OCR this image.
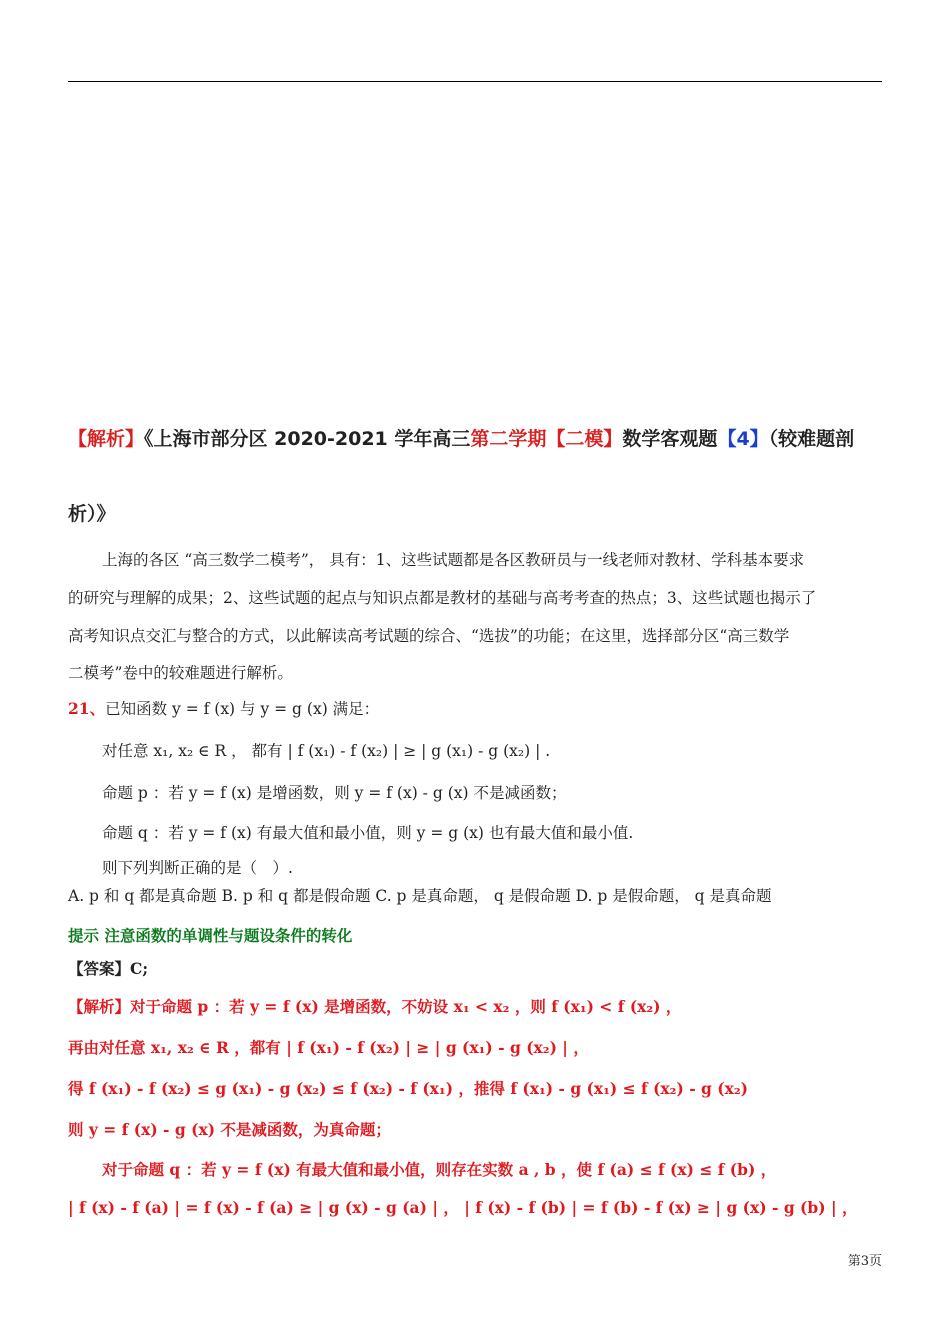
【解析】《上海市部分区 2020-2021 学年高三第二学期【二模】数学客观题【4】（较难题剖
析）》
上海的各区 “高三数学二模考”， 具有：1、这些试题都是各区教研员与一线老师对教材、学科基本要求
的研究与理解的成果；2、这些试题的起点与知识点都是教材的基础与高考考查的热点；3、这些试题也揭示了
高考知识点交汇与整合的方式，以此解读高考试题的综合、“选拔”的功能；在这里，选择部分区“高三数学
二模考”卷中的较难题进行解析。
21、已知函数 y = f (x) 与 y = g (x) 满足：
对任意 x₁, x₂ ∈ R ， 都有 | f (x₁) - f (x₂) | ≥ | g (x₁) - g (x₂) | .
命题 p ：若 y = f (x) 是增函数，则 y = f (x) - g (x) 不是减函数；
命题 q ：若 y = f (x) 有最大值和最小值，则 y = g (x) 也有最大值和最小值.
则下列判断正确的是（　）.
A. p 和 q 都是真命题 B. p 和 q 都是假命题 C. p 是真命题， q 是假命题 D. p 是假命题， q 是真命题
提示 注意函数的单调性与题设条件的转化
【答案】C;
【解析】对于命题 p ：若 y = f (x) 是增函数，不妨设 x₁ < x₂ ，则 f (x₁) < f (x₂) ，
再由对任意 x₁, x₂ ∈ R ，都有 | f (x₁) - f (x₂) | ≥ | g (x₁) - g (x₂) | ，
得 f (x₁) - f (x₂) ≤ g (x₁) - g (x₂) ≤ f (x₂) - f (x₁) ，推得 f (x₁) - g (x₁) ≤ f (x₂) - g (x₂)
则 y = f (x) - g (x) 不是减函数，为真命题；
对于命题 q ：若 y = f (x) 有最大值和最小值，则存在实数 a , b ，使 f (a) ≤ f (x) ≤ f (b) ，
| f (x) - f (a) | = f (x) - f (a) ≥ | g (x) - g (a) | ， | f (x) - f (b) | = f (b) - f (x) ≥ | g (x) - g (b) | ，
第3页
